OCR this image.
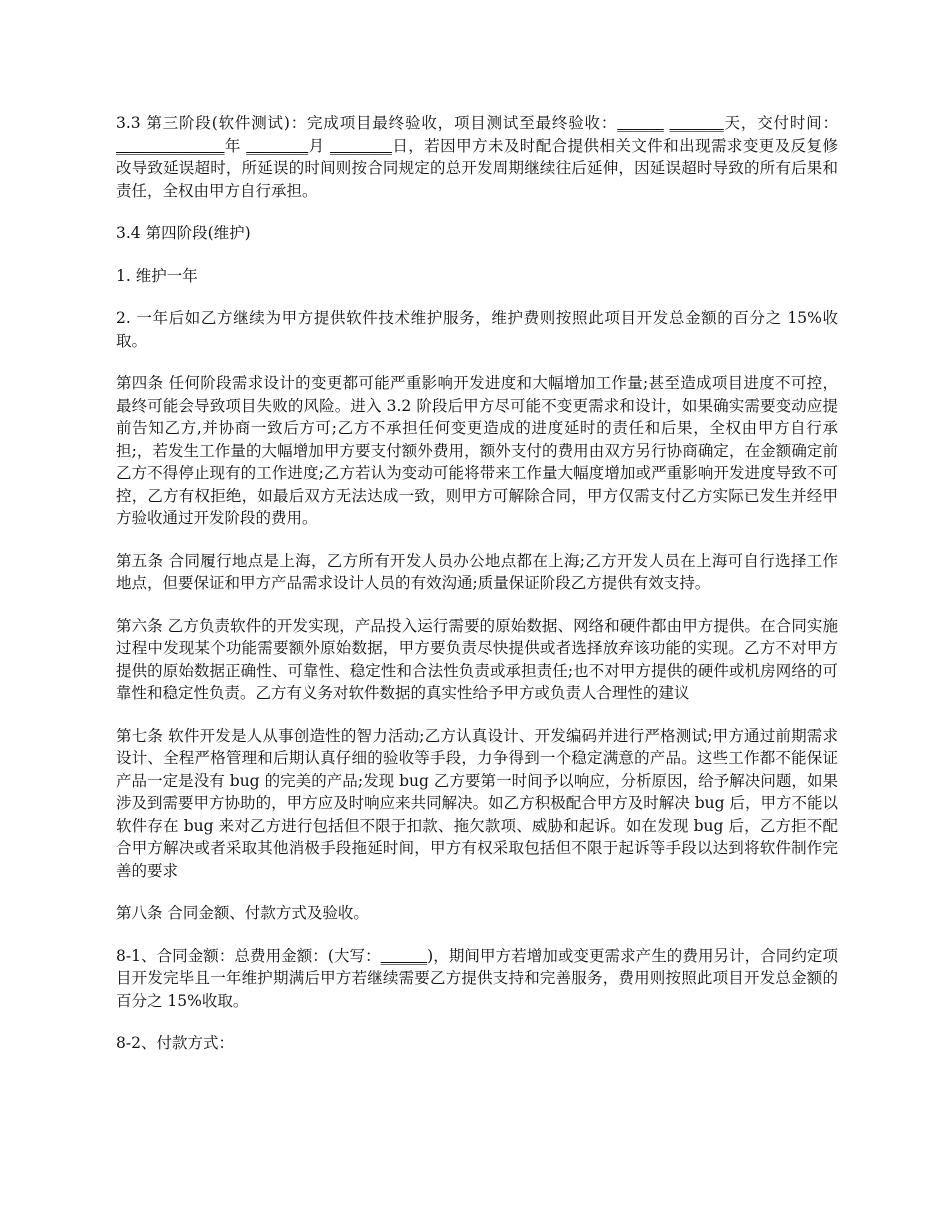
3.3 第三阶段(软件测试)：完成项目最终验收，项目测试至最终验收：______ _______天，交付时间：______________年 ________月 ________日，若因甲方未及时配合提供相关文件和出现需求变更及反复修改导致延误超时，所延误的时间则按合同规定的总开发周期继续往后延伸，因延误超时导致的所有后果和责任，全权由甲方自行承担。

3.4 第四阶段(维护)

1. 维护一年

2. 一年后如乙方继续为甲方提供软件技术维护服务，维护费则按照此项目开发总金额的百分之 15%收取。

第四条 任何阶段需求设计的变更都可能严重影响开发进度和大幅增加工作量;甚至造成项目进度不可控，最终可能会导致项目失败的风险。进入 3.2 阶段后甲方尽可能不变更需求和设计，如果确实需要变动应提前告知乙方,并协商一致后方可;乙方不承担任何变更造成的进度延时的责任和后果，全权由甲方自行承担;，若发生工作量的大幅增加甲方要支付额外费用，额外支付的费用由双方另行协商确定，在金额确定前乙方不得停止现有的工作进度;乙方若认为变动可能将带来工作量大幅度增加或严重影响开发进度导致不可控，乙方有权拒绝，如最后双方无法达成一致，则甲方可解除合同，甲方仅需支付乙方实际已发生并经甲方验收通过开发阶段的费用。

第五条 合同履行地点是上海，乙方所有开发人员办公地点都在上海;乙方开发人员在上海可自行选择工作地点，但要保证和甲方产品需求设计人员的有效沟通;质量保证阶段乙方提供有效支持。

第六条 乙方负责软件的开发实现，产品投入运行需要的原始数据、网络和硬件都由甲方提供。在合同实施过程中发现某个功能需要额外原始数据，甲方要负责尽快提供或者选择放弃该功能的实现。乙方不对甲方提供的原始数据正确性、可靠性、稳定性和合法性负责或承担责任;也不对甲方提供的硬件或机房网络的可靠性和稳定性负责。乙方有义务对软件数据的真实性给予甲方或负责人合理性的建议

第七条 软件开发是人从事创造性的智力活动;乙方认真设计、开发编码并进行严格测试;甲方通过前期需求设计、全程严格管理和后期认真仔细的验收等手段，力争得到一个稳定满意的产品。这些工作都不能保证产品一定是没有 bug 的完美的产品;发现 bug 乙方要第一时间予以响应，分析原因，给予解决问题，如果涉及到需要甲方协助的，甲方应及时响应来共同解决。如乙方积极配合甲方及时解决 bug 后，甲方不能以软件存在 bug 来对乙方进行包括但不限于扣款、拖欠款项、威胁和起诉。如在发现 bug 后，乙方拒不配合甲方解决或者采取其他消极手段拖延时间，甲方有权采取包括但不限于起诉等手段以达到将软件制作完善的要求

第八条 合同金额、付款方式及验收。

8-1、合同金额：总费用金额：(大写：______)，期间甲方若增加或变更需求产生的费用另计，合同约定项目开发完毕且一年维护期满后甲方若继续需要乙方提供支持和完善服务，费用则按照此项目开发总金额的百分之 15%收取。

8-2、付款方式：
